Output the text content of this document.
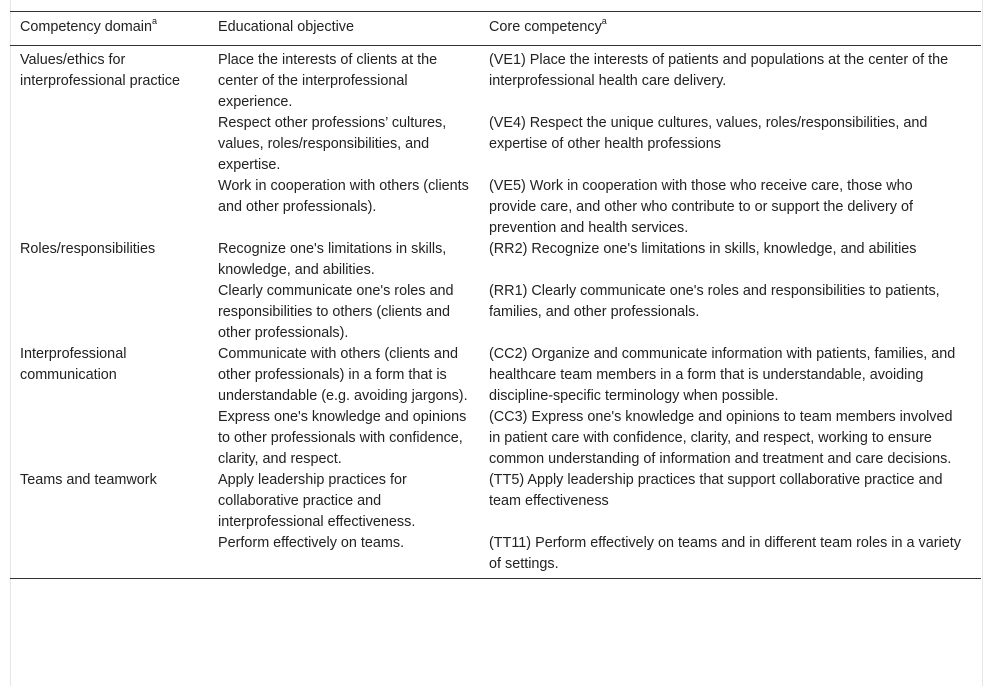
Competency domain$^a$	Educational objective	Core competency$^a$
Values/ethics for interprofessional practice	Place the interests of clients at the center of the interprofessional experience.	(VE1) Place the interests of patients and populations at the center of the interprofessional health care delivery.
	Respect other professions’ cultures, values, roles/responsibilities, and expertise.	(VE4) Respect the unique cultures, values, roles/responsibilities, and expertise of other health professions
	Work in cooperation with others (clients and other professionals).	(VE5) Work in cooperation with those who receive care, those who provide care, and other who contribute to or support the delivery of prevention and health services.
Roles/responsibilities	Recognize one's limitations in skills, knowledge, and abilities.	(RR2) Recognize one's limitations in skills, knowledge, and abilities
	Clearly communicate one's roles and responsibilities to others (clients and other professionals).	(RR1) Clearly communicate one's roles and responsibilities to patients, families, and other professionals.
Interprofessional communication	Communicate with others (clients and other professionals) in a form that is understandable (e.g. avoiding jargons).	(CC2) Organize and communicate information with patients, families, and healthcare team members in a form that is understandable, avoiding discipline-specific terminology when possible.
	Express one's knowledge and opinions to other professionals with confidence, clarity, and respect.	(CC3) Express one's knowledge and opinions to team members involved in patient care with confidence, clarity, and respect, working to ensure common understanding of information and treatment and care decisions.
Teams and teamwork	Apply leadership practices for collaborative practice and interprofessional effectiveness.	(TT5) Apply leadership practices that support collaborative practice and team effectiveness
	Perform effectively on teams.	(TT11) Perform effectively on teams and in different team roles in a variety of settings.
